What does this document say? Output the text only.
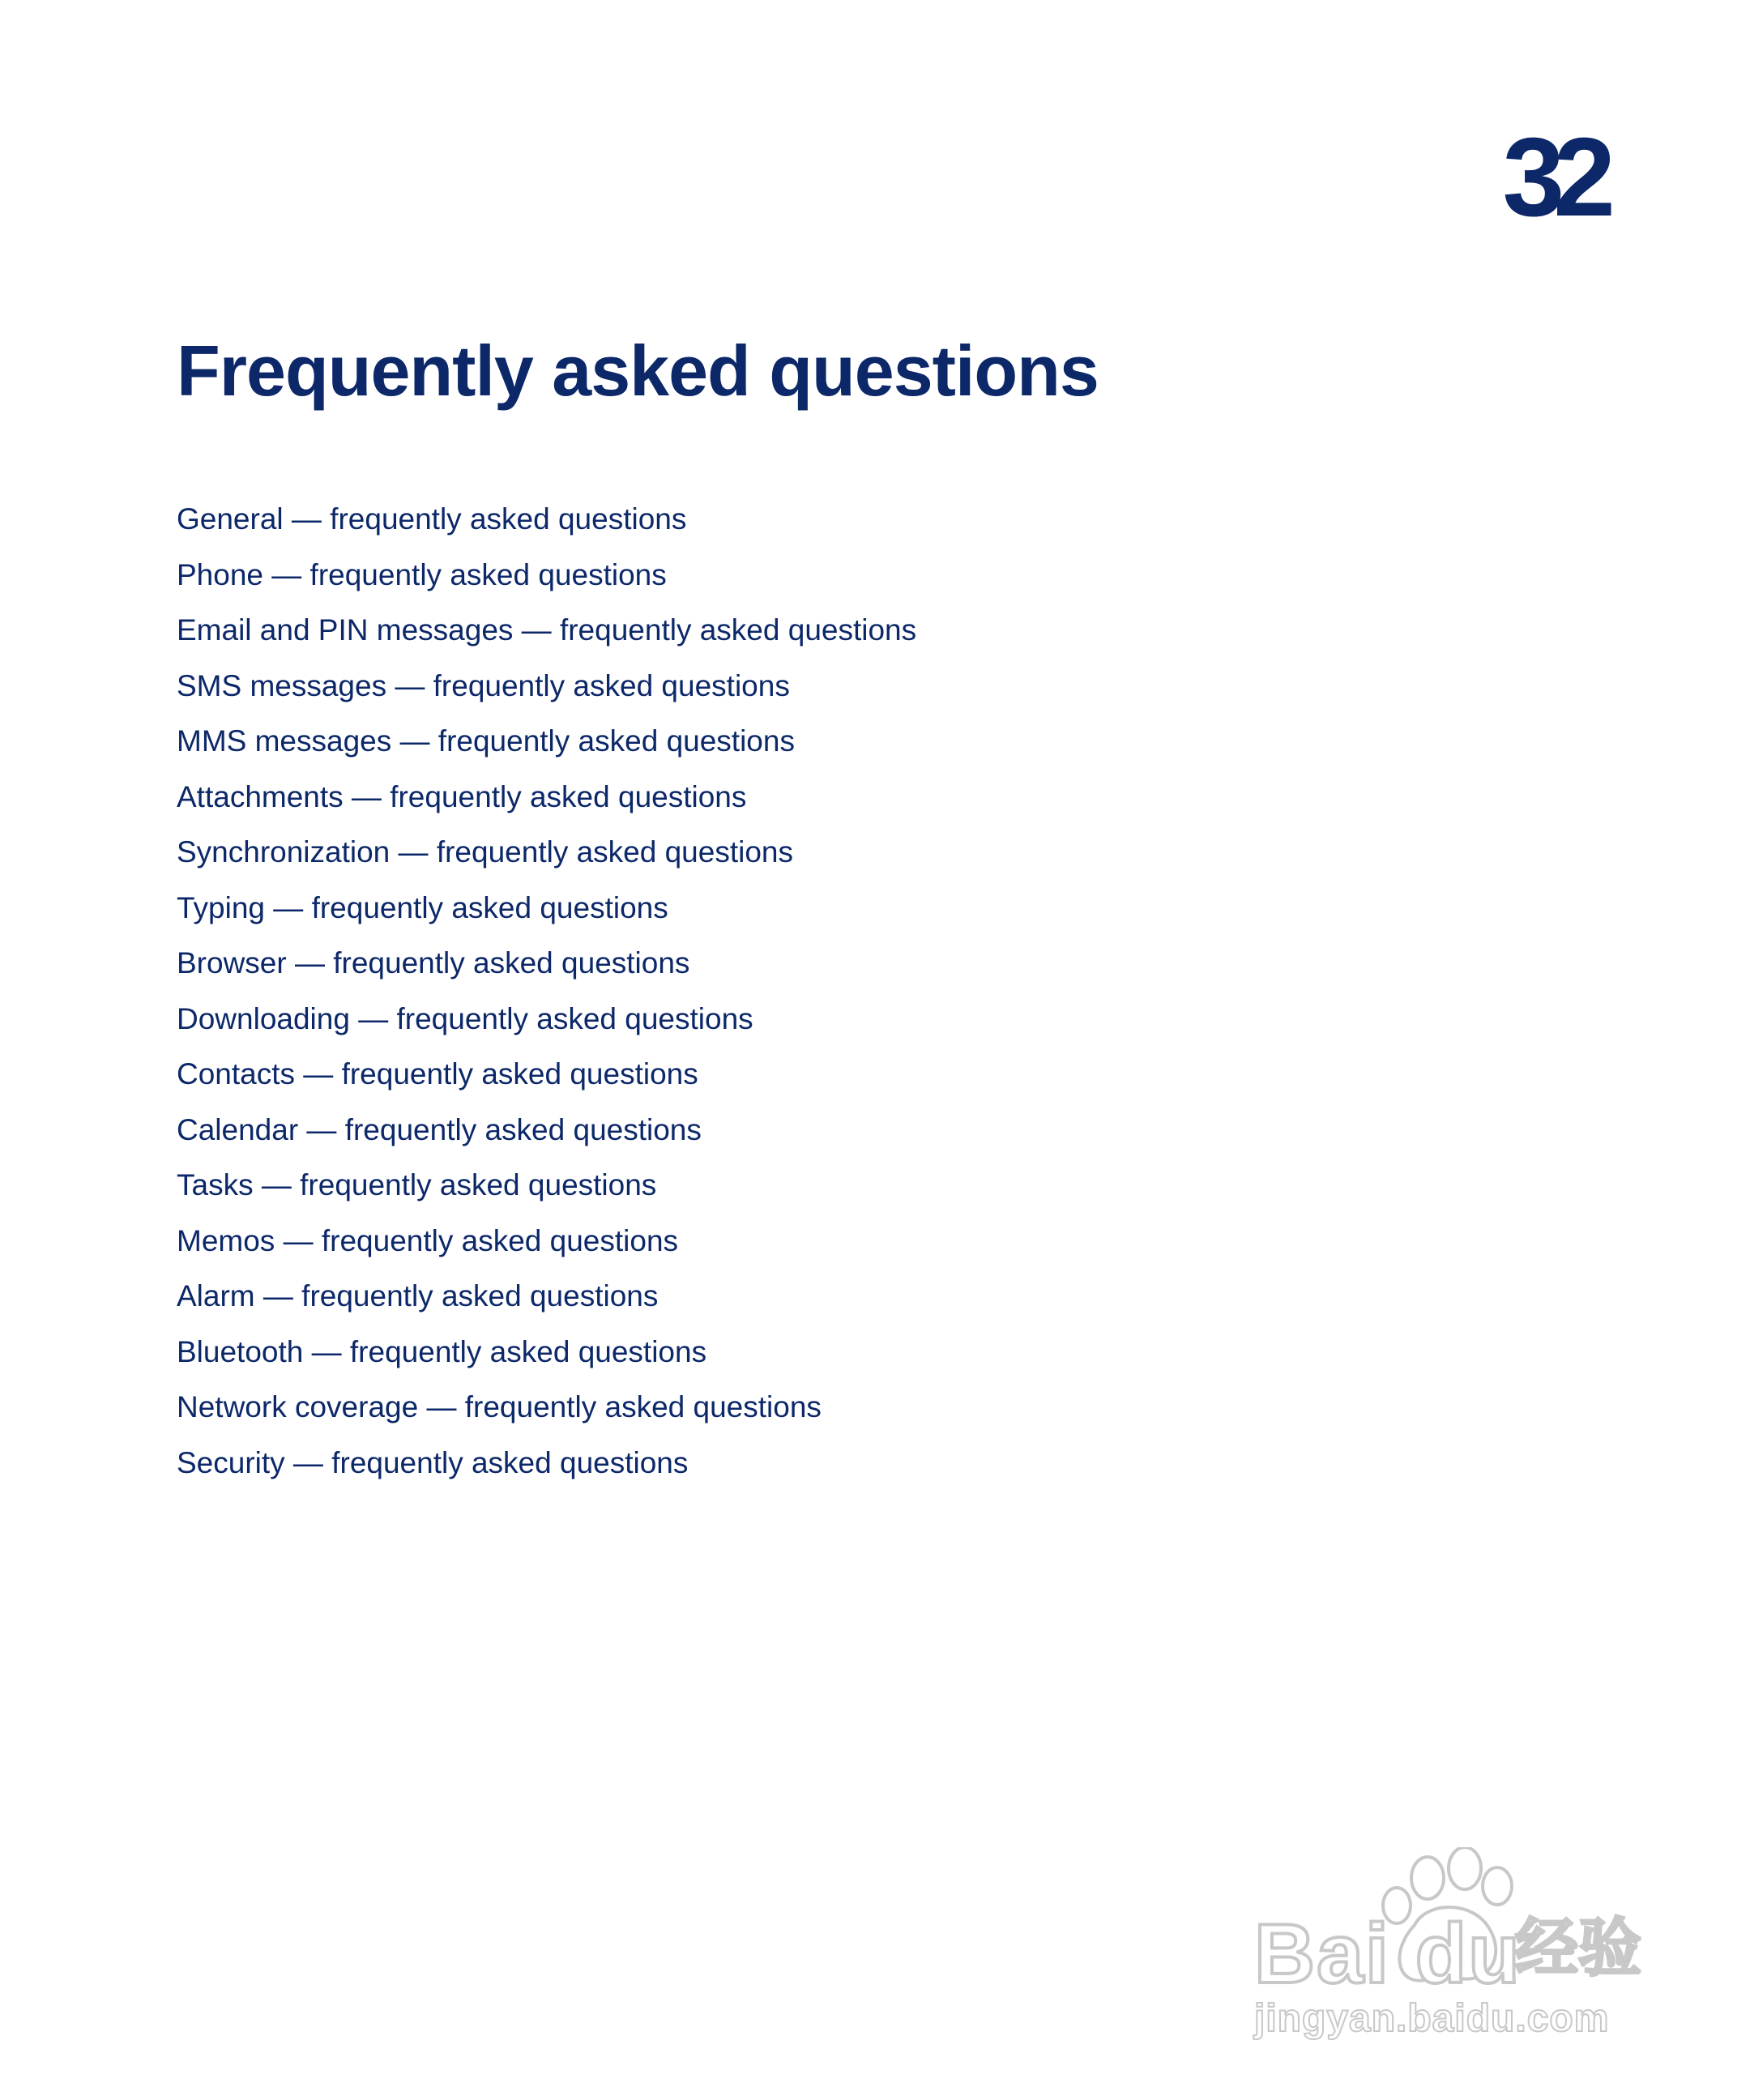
32
Frequently asked questions
General — frequently asked questions
Phone — frequently asked questions
Email and PIN messages — frequently asked questions
SMS messages — frequently asked questions
MMS messages — frequently asked questions
Attachments — frequently asked questions
Synchronization — frequently asked questions
Typing — frequently asked questions
Browser — frequently asked questions
Downloading — frequently asked questions
Contacts — frequently asked questions
Calendar — frequently asked questions
Tasks — frequently asked questions
Memos — frequently asked questions
Alarm — frequently asked questions
Bluetooth — frequently asked questions
Network coverage — frequently asked questions
Security — frequently asked questions
Bai du
经验
jingyan.baidu.com
